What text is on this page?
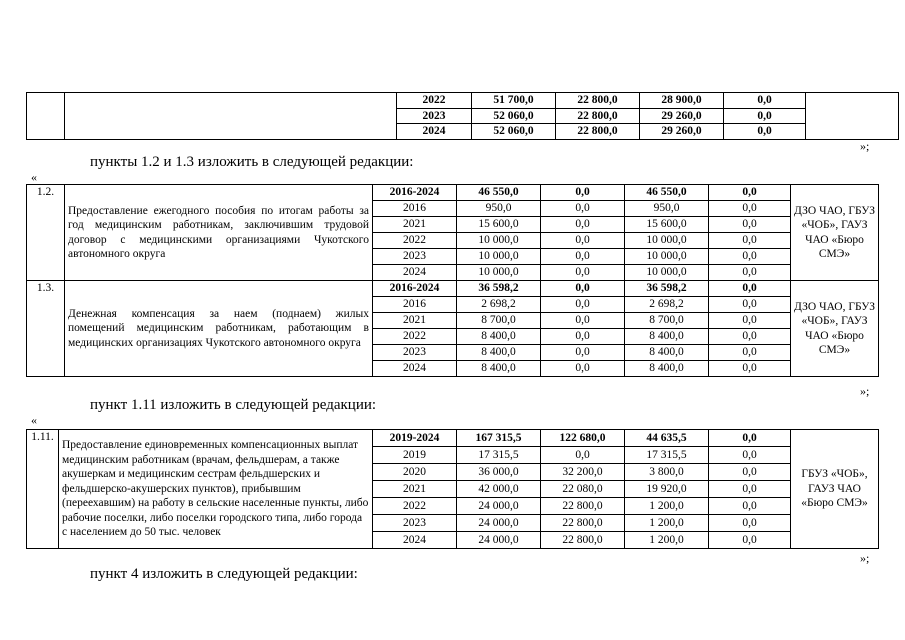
		2022	51 700,0	22 800,0	28 900,0	0,0	
		2023	52 060,0	22 800,0	29 260,0	0,0	
		2024	52 060,0	22 800,0	29 260,0	0,0	
»;
пункты 1.2 и 1.3 изложить в следующей редакции:
«
1.2.	Предоставление ежегодного пособия по итогам работы за год медицинским работникам, заключившим трудовой договор с медицинскими организациями Чукотского автономного округа	2016-2024	46 550,0	0,0	46 550,0	0,0	ДЗО ЧАО, ГБУЗ «ЧОБ», ГАУЗ ЧАО «Бюро СМЭ»
		2016	950,0	0,0	950,0	0,0	
		2021	15 600,0	0,0	15 600,0	0,0	
		2022	10 000,0	0,0	10 000,0	0,0	
		2023	10 000,0	0,0	10 000,0	0,0	
		2024	10 000,0	0,0	10 000,0	0,0	
1.3.	Денежная компенсация за наем (поднаем) жилых помещений медицинским работникам, работающим в медицинских организациях Чукотского автономного округа	2016-2024	36 598,2	0,0	36 598,2	0,0	ДЗО ЧАО, ГБУЗ «ЧОБ», ГАУЗ ЧАО «Бюро СМЭ»
		2016	2 698,2	0,0	2 698,2	0,0	
		2021	8 700,0	0,0	8 700,0	0,0	
		2022	8 400,0	0,0	8 400,0	0,0	
		2023	8 400,0	0,0	8 400,0	0,0	
		2024	8 400,0	0,0	8 400,0	0,0	
»;
пункт 1.11 изложить в следующей редакции:
«
1.11.	Предоставление единовременных компенсационных выплат медицинским работникам (врачам, фельдшерам, а также акушеркам и медицинским сестрам фельдшерских и фельдшерско-акушерских пунктов), прибывшим (переехавшим) на работу в сельские населенные пункты, либо рабочие поселки, либо поселки городского типа, либо города с населением до 50 тыс. человек	2019-2024	167 315,5	122 680,0	44 635,5	0,0	ГБУЗ «ЧОБ», ГАУЗ ЧАО «Бюро СМЭ»
		2019	17 315,5	0,0	17 315,5	0,0	
		2020	36 000,0	32 200,0	3 800,0	0,0	
		2021	42 000,0	22 080,0	19 920,0	0,0	
		2022	24 000,0	22 800,0	1 200,0	0,0	
		2023	24 000,0	22 800,0	1 200,0	0,0	
		2024	24 000,0	22 800,0	1 200,0	0,0	
»;
пункт 4 изложить в следующей редакции:
